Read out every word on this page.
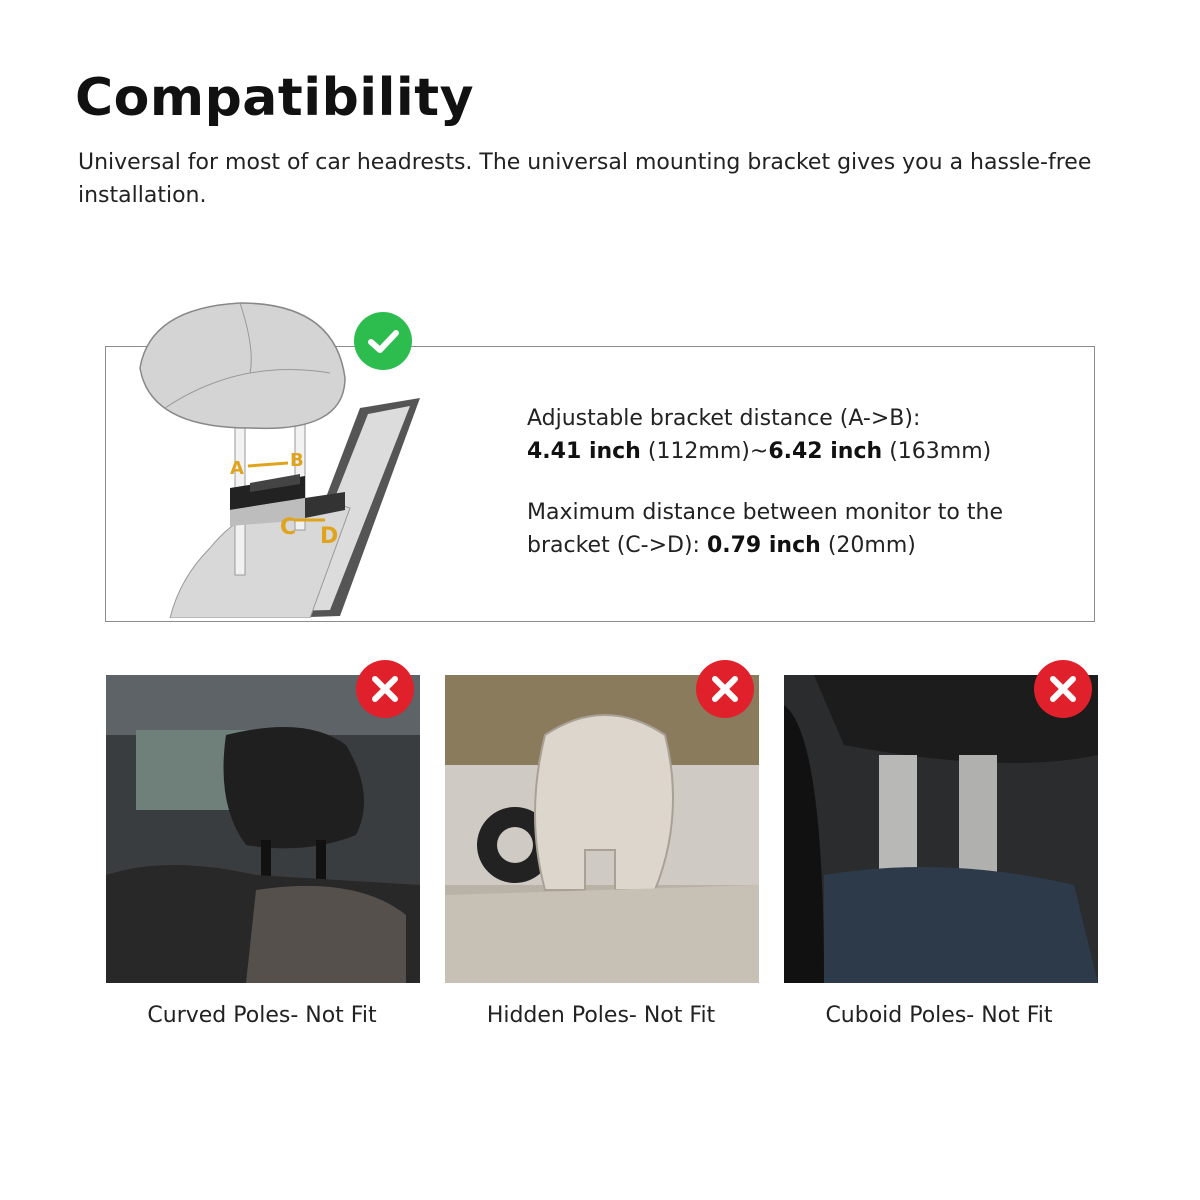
Compatibility

Universal for most of car headrests. The universal mounting bracket gives you a hassle-free installation.

A	B
C D
Adjustable bracket distance (A->B):
4.41 inch (112mm)~6.42 inch (163mm)
Maximum distance between monitor to the
bracket (C->D): 0.79 inch (20mm)
Curved Poles- Not Fit	Hidden Poles- Not Fit	Cuboid Poles- Not Fit
